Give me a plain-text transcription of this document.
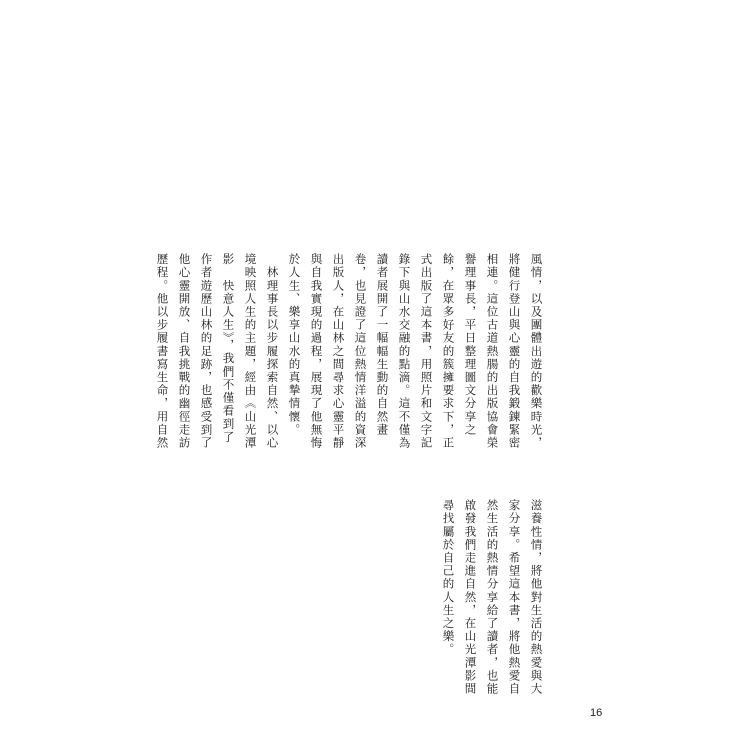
風情，以及團體出遊的歡樂時光，
將健行登山與心靈的自我鍛鍊緊密
相連。這位古道熱腸的出版協會榮
譽理事長，平日整理圖文分享之
餘，在眾多好友的簇擁要求下，正
式出版了這本書，用照片和文字記
錄下與山水交融的點滴。這不僅為
讀者展開了一幅幅生動的自然畫
卷，也見證了這位熱情洋溢的資深
出版人，在山林之間尋求心靈平靜
與自我實現的過程，展現了他無悔
於人生、樂享山水的真摯情懷。
　林理事長以步履探索自然、以心
境映照人生的主題，經由《山光潭
影　快意人生》，我們不僅看到了
作者遊歷山林的足跡，也感受到了
他心靈開放、自我挑戰的幽徑走訪
歷程。他以步履書寫生命，用自然
滋養性情，將他對生活的熱愛與大
家分享。希望這本書，將他熱愛自
然生活的熱情分享給了讀者，也能
啟發我們走進自然，在山光潭影間
尋找屬於自己的人生之樂。
16
